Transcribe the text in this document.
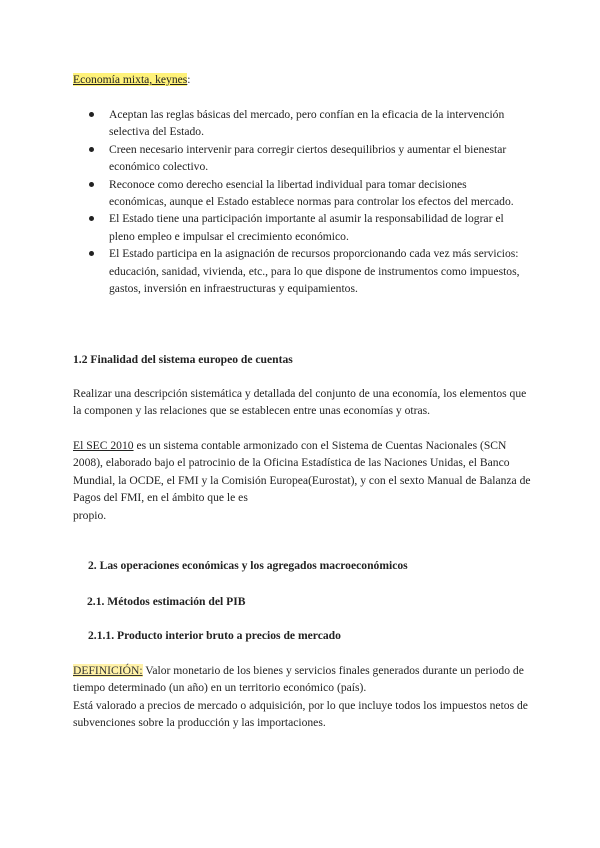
Economía mixta, keynes:
Aceptan las reglas básicas del mercado, pero confían en la eficacia de la intervención selectiva del Estado.
Creen necesario intervenir para corregir ciertos desequilibrios y aumentar el bienestar económico colectivo.
Reconoce como derecho esencial la libertad individual para tomar decisiones económicas, aunque el Estado establece normas para controlar los efectos del mercado.
El Estado tiene una participación importante al asumir la responsabilidad de lograr el pleno empleo e impulsar el crecimiento económico.
El Estado participa en la asignación de recursos proporcionando cada vez más servicios: educación, sanidad, vivienda, etc., para lo que dispone de instrumentos como impuestos, gastos, inversión en infraestructuras y equipamientos.
1.2 Finalidad del sistema europeo de cuentas
Realizar una descripción sistemática y detallada del conjunto de una economía, los elementos que la componen y las relaciones que se establecen entre unas economías y otras.
El SEC 2010 es un sistema contable armonizado con el Sistema de Cuentas Nacionales (SCN 2008), elaborado bajo el patrocinio de la Oficina Estadística de las Naciones Unidas, el Banco Mundial, la OCDE, el FMI y la Comisión Europea(Eurostat), y con el sexto Manual de Balanza de Pagos del FMI, en el ámbito que le es
propio.
2. Las operaciones económicas y los agregados macroeconómicos
2.1. Métodos estimación del PIB
2.1.1. Producto interior bruto a precios de mercado
DEFINICIÓN: Valor monetario de los bienes y servicios finales generados durante un periodo de tiempo determinado (un año) en un territorio económico (país).
Está valorado a precios de mercado o adquisición, por lo que incluye todos los impuestos netos de subvenciones sobre la producción y las importaciones.
